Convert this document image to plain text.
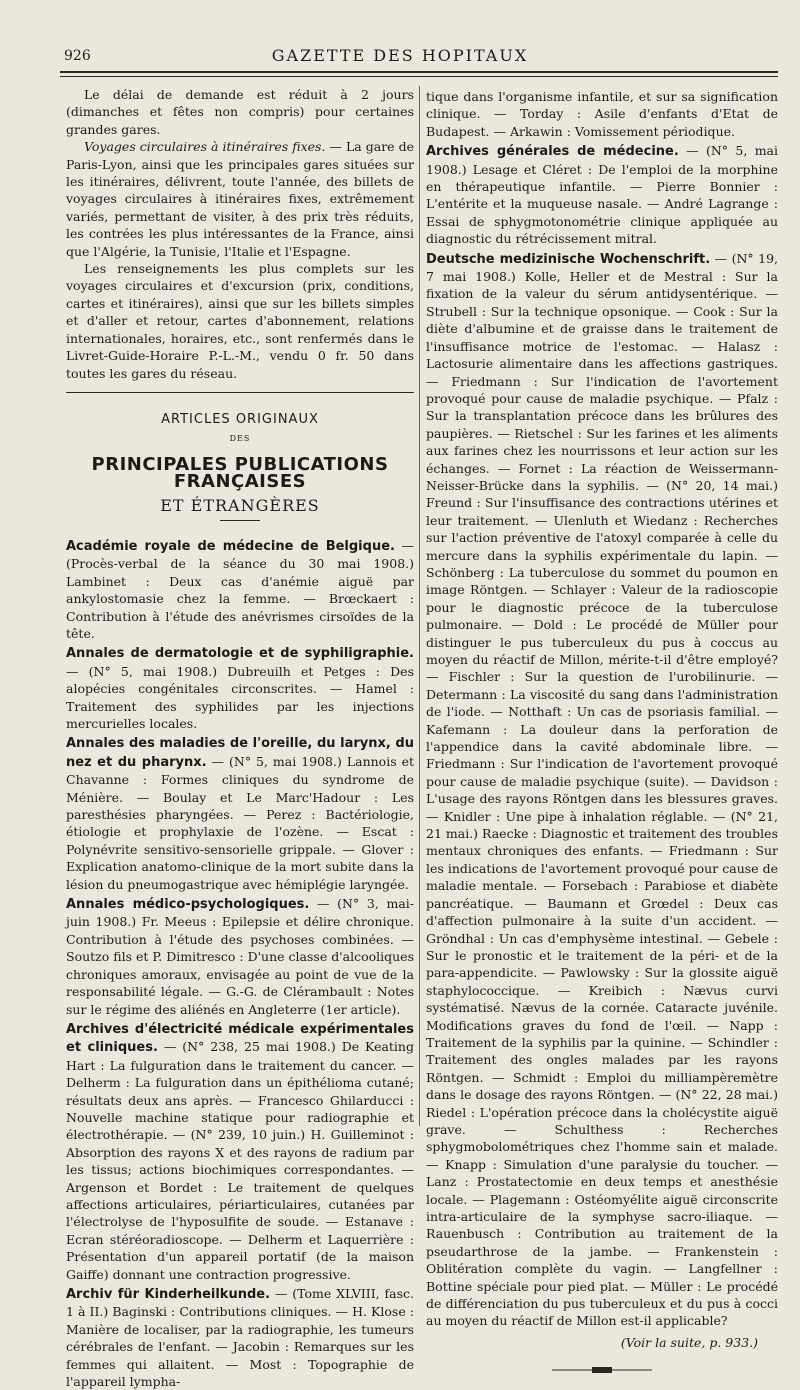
926	GAZETTE DES HOPITAUX

Le délai de demande est réduit à 2 jours (dimanches et fêtes non compris) pour certaines grandes gares.

Voyages circulaires à itinéraires fixes. — La gare de Paris-Lyon, ainsi que les principales gares situées sur les itinéraires, délivrent, toute l'année, des billets de voyages circulaires à itinéraires fixes, extrêmement variés, permettant de visiter, à des prix très réduits, les contrées les plus intéressantes de la France, ainsi que l'Algérie, la Tunisie, l'Italie et l'Espagne.

Les renseignements les plus complets sur les voyages circulaires et d'excursion (prix, conditions, cartes et itinéraires), ainsi que sur les billets simples et d'aller et retour, cartes d'abonnement, relations internationales, horaires, etc., sont renfermés dans le Livret-Guide-Horaire P.-L.-M., vendu 0 fr. 50 dans toutes les gares du réseau.

ARTICLES ORIGINAUX
DES
PRINCIPALES PUBLICATIONS FRANÇAISES
ET ÉTRANGÈRES

Académie royale de médecine de Belgique. — (Procès-verbal de la séance du 30 mai 1908.) Lambinet : Deux cas d'anémie aiguë par ankylostomasie chez la femme. — Brœckaert : Contribution à l'étude des anévrismes cirsoïdes de la tête.

Annales de dermatologie et de syphiligraphie. — (N° 5, mai 1908.) Dubreuilh et Petges : Des alopécies congénitales circonscrites. — Hamel : Traitement des syphilides par les injections mercurielles locales.

Annales des maladies de l'oreille, du larynx, du nez et du pharynx. — (N° 5, mai 1908.) Lannois et Chavanne : Formes cliniques du syndrome de Ménière. — Boulay et Le Marc'Hadour : Les paresthésies pharyngées. — Perez : Bactériologie, étiologie et prophylaxie de l'ozène. — Escat : Polynévrite sensitivo-sensorielle grippale. — Glover : Explication anatomo-clinique de la mort subite dans la lésion du pneumogastrique avec hémiplégie laryngée.

Annales médico-psychologiques. — (N° 3, mai-juin 1908.) Fr. Meeus : Epilepsie et délire chronique. Contribution à l'étude des psychoses combinées. — Soutzo fils et P. Dimitresco : D'une classe d'alcooliques chroniques amoraux, envisagée au point de vue de la responsabilité légale. — G.-G. de Clérambault : Notes sur le régime des aliénés en Angleterre (1er article).

Archives d'électricité médicale expérimentales et cliniques. — (N° 238, 25 mai 1908.) De Keating Hart : La fulguration dans le traitement du cancer. — Delherm : La fulguration dans un épithélioma cutané; résultats deux ans après. — Francesco Ghilarducci : Nouvelle machine statique pour radiographie et électrothérapie. — (N° 239, 10 juin.) H. Guilleminot : Absorption des rayons X et des rayons de radium par les tissus; actions biochimiques correspondantes. — Argenson et Bordet : Le traitement de quelques affections articulaires, périarticulaires, cutanées par l'électrolyse de l'hyposulfite de soude. — Estanave : Ecran stéréoradioscope. — Delherm et Laquerrière : Présentation d'un appareil portatif (de la maison Gaiffe) donnant une contraction progressive.

Archiv für Kinderheilkunde. — (Tome XLVIII, fasc. 1 à II.) Baginski : Contributions cliniques. — H. Klose : Manière de localiser, par la radiographie, les tumeurs cérébrales de l'enfant. — Jacobin : Remarques sur les femmes qui allaitent. — Most : Topographie de l'appareil lympha-

tique dans l'organisme infantile, et sur sa signification clinique. — Torday : Asile d'enfants d'Etat de Budapest. — Arkawin : Vomissement périodique.

Archives générales de médecine. — (N° 5, mai 1908.) Lesage et Cléret : De l'emploi de la morphine en thérapeutique infantile. — Pierre Bonnier : L'entérite et la muqueuse nasale. — André Lagrange : Essai de sphygmotonométrie clinique appliquée au diagnostic du rétrécissement mitral.

Deutsche medizinische Wochenschrift. — (N° 19, 7 mai 1908.) Kolle, Heller et de Mestral : Sur la fixation de la valeur du sérum antidysentérique. — Strubell : Sur la technique opsonique. — Cook : Sur la diète d'albumine et de graisse dans le traitement de l'insuffisance motrice de l'estomac. — Halasz : Lactosurie alimentaire dans les affections gastriques. — Friedmann : Sur l'indication de l'avortement provoqué pour cause de maladie psychique. — Pfalz : Sur la transplantation précoce dans les brûlures des paupières. — Rietschel : Sur les farines et les aliments aux farines chez les nourrissons et leur action sur les échanges. — Fornet : La réaction de Weissermann-Neisser-Brücke dans la syphilis. — (N° 20, 14 mai.) Freund : Sur l'insuffisance des contractions utérines et leur traitement. — Ulenluth et Wiedanz : Recherches sur l'action préventive de l'atoxyl comparée à celle du mercure dans la syphilis expérimentale du lapin. — Schönberg : La tuberculose du sommet du poumon en image Röntgen. — Schlayer : Valeur de la radioscopie pour le diagnostic précoce de la tuberculose pulmonaire. — Dold : Le procédé de Müller pour distinguer le pus tuberculeux du pus à coccus au moyen du réactif de Millon, mérite-t-il d'être employé? — Fischler : Sur la question de l'urobilinurie. — Determann : La viscosité du sang dans l'administration de l'iode. — Notthaft : Un cas de psoriasis familial. — Kafemann : La douleur dans la perforation de l'appendice dans la cavité abdominale libre. — Friedmann : Sur l'indication de l'avortement provoqué pour cause de maladie psychique (suite). — Davidson : L'usage des rayons Röntgen dans les blessures graves. — Knidler : Une pipe à inhalation réglable. — (N° 21, 21 mai.) Raecke : Diagnostic et traitement des troubles mentaux chroniques des enfants. — Friedmann : Sur les indications de l'avortement provoqué pour cause de maladie mentale. — Forsebach : Parabiose et diabète pancréatique. — Baumann et Grœdel : Deux cas d'affection pulmonaire à la suite d'un accident. — Gröndhal : Un cas d'emphysème intestinal. — Gebele : Sur le pronostic et le traitement de la péri- et de la para-appendicite. — Pawlowsky : Sur la glossite aiguë staphylococcique. — Kreibich : Nævus curvi systématisé. Nævus de la cornée. Cataracte juvénile. Modifications graves du fond de l'œil. — Napp : Traitement de la syphilis par la quinine. — Schindler : Traitement des ongles malades par les rayons Röntgen. — Schmidt : Emploi du milliampèremètre dans le dosage des rayons Röntgen. — (N° 22, 28 mai.) Riedel : L'opération précoce dans la cholécystite aiguë grave. — Schulthess : Recherches sphygmobolométriques chez l'homme sain et malade. — Knapp : Simulation d'une paralysie du toucher. — Lanz : Prostatectomie en deux temps et anesthésie locale. — Plagemann : Ostéomyélite aiguë circonscrite intra-articulaire de la symphyse sacro-iliaque. — Rauenbusch : Contribution au traitement de la pseudarthrose de la jambe. — Frankenstein : Oblitération complète du vagin. — Langfellner : Bottine spéciale pour pied plat. — Müller : Le procédé de différenciation du pus tuberculeux et du pus à cocci au moyen du réactif de Millon est-il applicable?

(Voir la suite, p. 933.)
